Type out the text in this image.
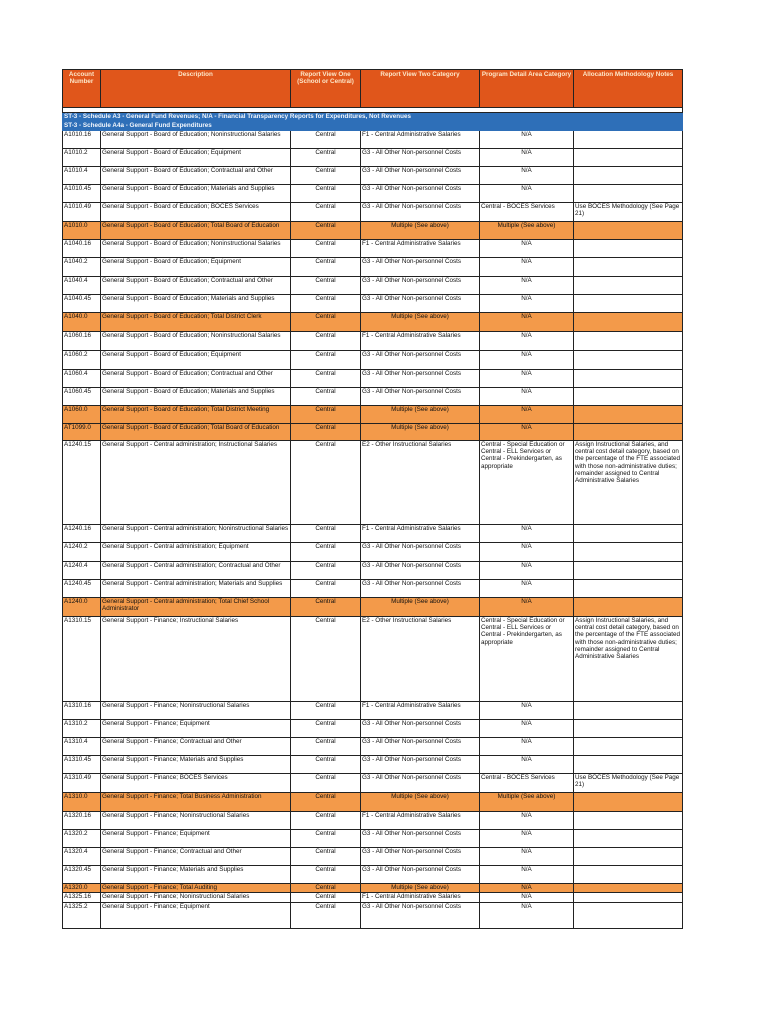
Account Number	Description	Report View One (School or Central)	Report View Two Category	Program Detail Area Category	Allocation Methodology Notes

ST-3 - Schedule A3 - General Fund Revenues; N/A - Financial Transparency Reports for Expenditures, Not Revenues					
ST-3 - Schedule A4a - General Fund Expenditures					
A1010.16	General Support - Board of Education; Noninstructional Salaries	Central	F1 - Central Administrative Salaries	N/A	
A1010.2	General Support - Board of Education; Equipment	Central	G3 - All Other Non-personnel Costs	N/A	
A1010.4	General Support - Board of Education; Contractual and Other	Central	G3 - All Other Non-personnel Costs	N/A	
A1010.45	General Support - Board of Education; Materials and Supplies	Central	G3 - All Other Non-personnel Costs	N/A	
A1010.49	General Support - Board of Education; BOCES Services	Central	G3 - All Other Non-personnel Costs	Central - BOCES Services	Use BOCES Methodology (See Page 21)
A1010.0	General Support - Board of Education; Total Board of Education	Central	Multiple (See above)	Multiple (See above)	
A1040.16	General Support - Board of Education; Noninstructional Salaries	Central	F1 - Central Administrative Salaries	N/A	
A1040.2	General Support - Board of Education; Equipment	Central	G3 - All Other Non-personnel Costs	N/A	
A1040.4	General Support - Board of Education; Contractual and Other	Central	G3 - All Other Non-personnel Costs	N/A	
A1040.45	General Support - Board of Education; Materials and Supplies	Central	G3 - All Other Non-personnel Costs	N/A	
A1040.0	General Support - Board of Education; Total District Clerk	Central	Multiple (See above)	N/A	
A1060.16	General Support - Board of Education; Noninstructional Salaries	Central	F1 - Central Administrative Salaries	N/A	
A1060.2	General Support - Board of Education; Equipment	Central	G3 - All Other Non-personnel Costs	N/A	
A1060.4	General Support - Board of Education; Contractual and Other	Central	G3 - All Other Non-personnel Costs	N/A	
A1060.45	General Support - Board of Education; Materials and Supplies	Central	G3 - All Other Non-personnel Costs	N/A	
A1060.0	General Support - Board of Education; Total District Meeting	Central	Multiple (See above)	N/A	
AT1099.0	General Support - Board of Education; Total Board of Education	Central	Multiple (See above)	N/A	
A1240.15	General Support - Central administration; Instructional Salaries	Central	E2 - Other Instructional Salaries	Central - Special Education or Central - ELL Services or Central - Prekindergarten, as appropriate	Assign Instructional Salaries, and central cost detail category, based on the percentage of the FTE associated with those non-administrative duties; remainder assigned to Central Administrative Salaries
A1240.16	General Support - Central administration; Noninstructional Salaries	Central	F1 - Central Administrative Salaries	N/A	
A1240.2	General Support - Central administration; Equipment	Central	G3 - All Other Non-personnel Costs	N/A	
A1240.4	General Support - Central administration; Contractual and Other	Central	G3 - All Other Non-personnel Costs	N/A	
A1240.45	General Support - Central administration; Materials and Supplies	Central	G3 - All Other Non-personnel Costs	N/A	
A1240.0	General Support - Central administration; Total Chief School Administrator	Central	Multiple (See above)	N/A	
A1310.15	General Support - Finance; Instructional Salaries	Central	E2 - Other Instructional Salaries	Central - Special Education or Central - ELL Services or Central - Prekindergarten, as appropriate	Assign Instructional Salaries, and central cost detail category, based on the percentage of the FTE associated with those non-administrative duties; remainder assigned to Central Administrative Salaries
A1310.16	General Support - Finance; Noninstructional Salaries	Central	F1 - Central Administrative Salaries	N/A	
A1310.2	General Support - Finance; Equipment	Central	G3 - All Other Non-personnel Costs	N/A	
A1310.4	General Support - Finance; Contractual and Other	Central	G3 - All Other Non-personnel Costs	N/A	
A1310.45	General Support - Finance; Materials and Supplies	Central	G3 - All Other Non-personnel Costs	N/A	
A1310.49	General Support - Finance; BOCES Services	Central	G3 - All Other Non-personnel Costs	Central - BOCES Services	Use BOCES Methodology (See Page 21)
A1310.0	General Support - Finance; Total Business Administration	Central	Multiple (See above)	Multiple (See above)	
A1320.16	General Support - Finance; Noninstructional Salaries	Central	F1 - Central Administrative Salaries	N/A	
A1320.2	General Support - Finance; Equipment	Central	G3 - All Other Non-personnel Costs	N/A	
A1320.4	General Support - Finance; Contractual and Other	Central	G3 - All Other Non-personnel Costs	N/A	
A1320.45	General Support - Finance; Materials and Supplies	Central	G3 - All Other Non-personnel Costs	N/A	
A1320.0	General Support - Finance; Total Auditing	Central	Multiple (See above)	N/A	
A1325.16	General Support - Finance; Noninstructional Salaries	Central	F1 - Central Administrative Salaries	N/A	
A1325.2	General Support - Finance; Equipment	Central	G3 - All Other Non-personnel Costs	N/A	
